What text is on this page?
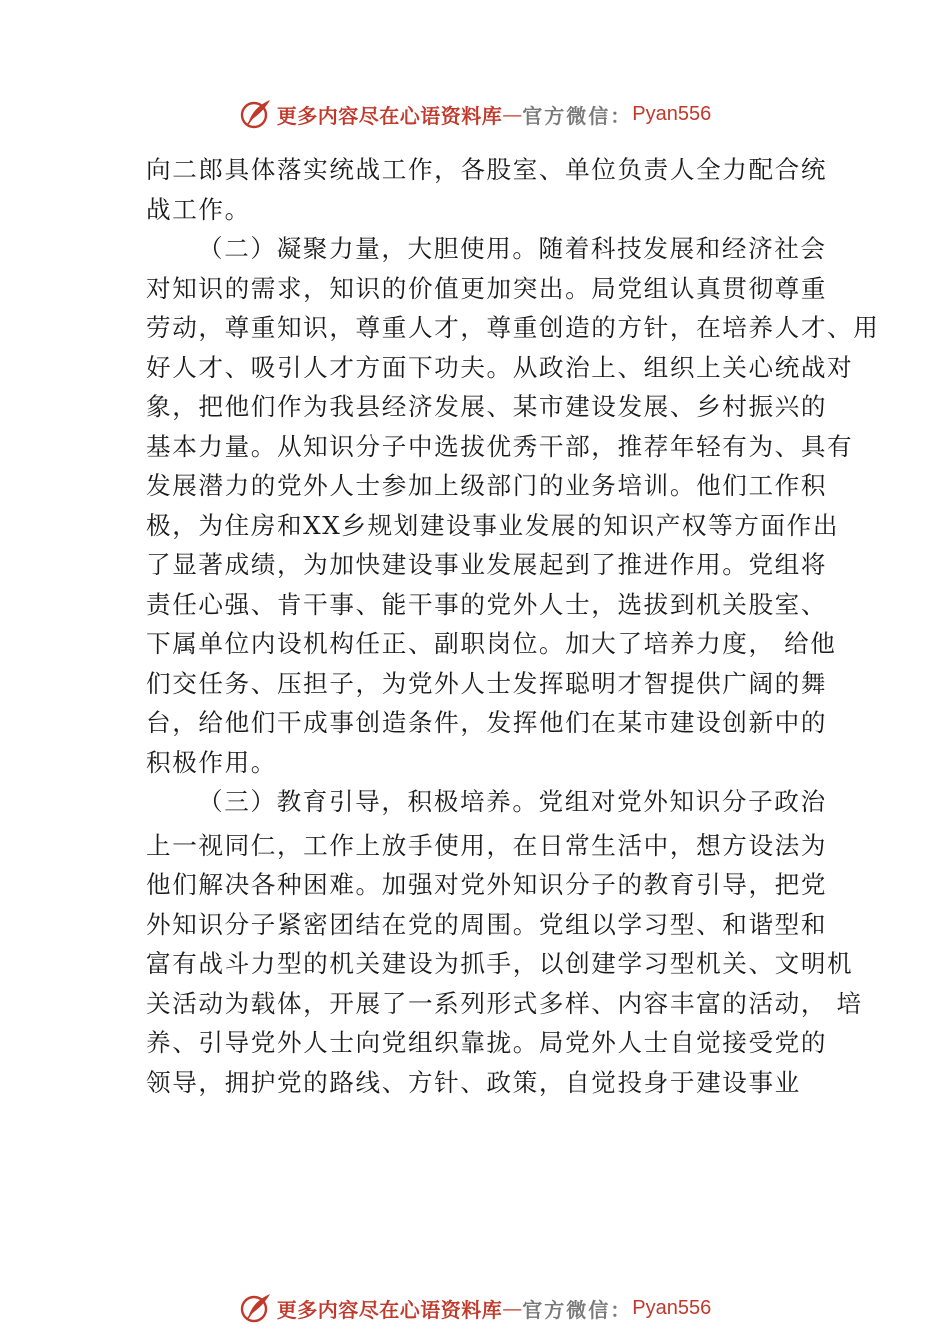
更多内容尽在心语资料库 — 官方微信： Pyan556
向二郎具体落实统战工作，各股室、单位负责人全力配合统
战工作。
（二）凝聚力量，大胆使用。随着科技发展和经济社会
对知识的需求，知识的价值更加突出。局党组认真贯彻尊重
劳动，尊重知识，尊重人才，尊重创造的方针，在培养人才、用
好人才、吸引人才方面下功夫。从政治上、组织上关心统战对
象，把他们作为我县经济发展、某市建设发展、乡村振兴的
基本力量。从知识分子中选拔优秀干部，推荐年轻有为、具有
发展潜力的党外人士参加上级部门的业务培训。他们工作积
极，为住房和XX乡规划建设事业发展的知识产权等方面作出
了显著成绩，为加快建设事业发展起到了推进作用。党组将
责任心强、肯干事、能干事的党外人士，选拔到机关股室、
下属单位内设机构任正、副职岗位。加大了培养力度， 给他
们交任务、压担子，为党外人士发挥聪明才智提供广阔的舞
台，给他们干成事创造条件，发挥他们在某市建设创新中的
积极作用。
（三）教育引导，积极培养。党组对党外知识分子政治
上一视同仁，工作上放手使用，在日常生活中，想方设法为
他们解决各种困难。加强对党外知识分子的教育引导，把党
外知识分子紧密团结在党的周围。党组以学习型、和谐型和
富有战斗力型的机关建设为抓手，以创建学习型机关、文明机
关活动为载体，开展了一系列形式多样、内容丰富的活动， 培
养、引导党外人士向党组织靠拢。局党外人士自觉接受党的
领导，拥护党的路线、方针、政策，自觉投身于建设事业
更多内容尽在心语资料库 — 官方微信： Pyan556
